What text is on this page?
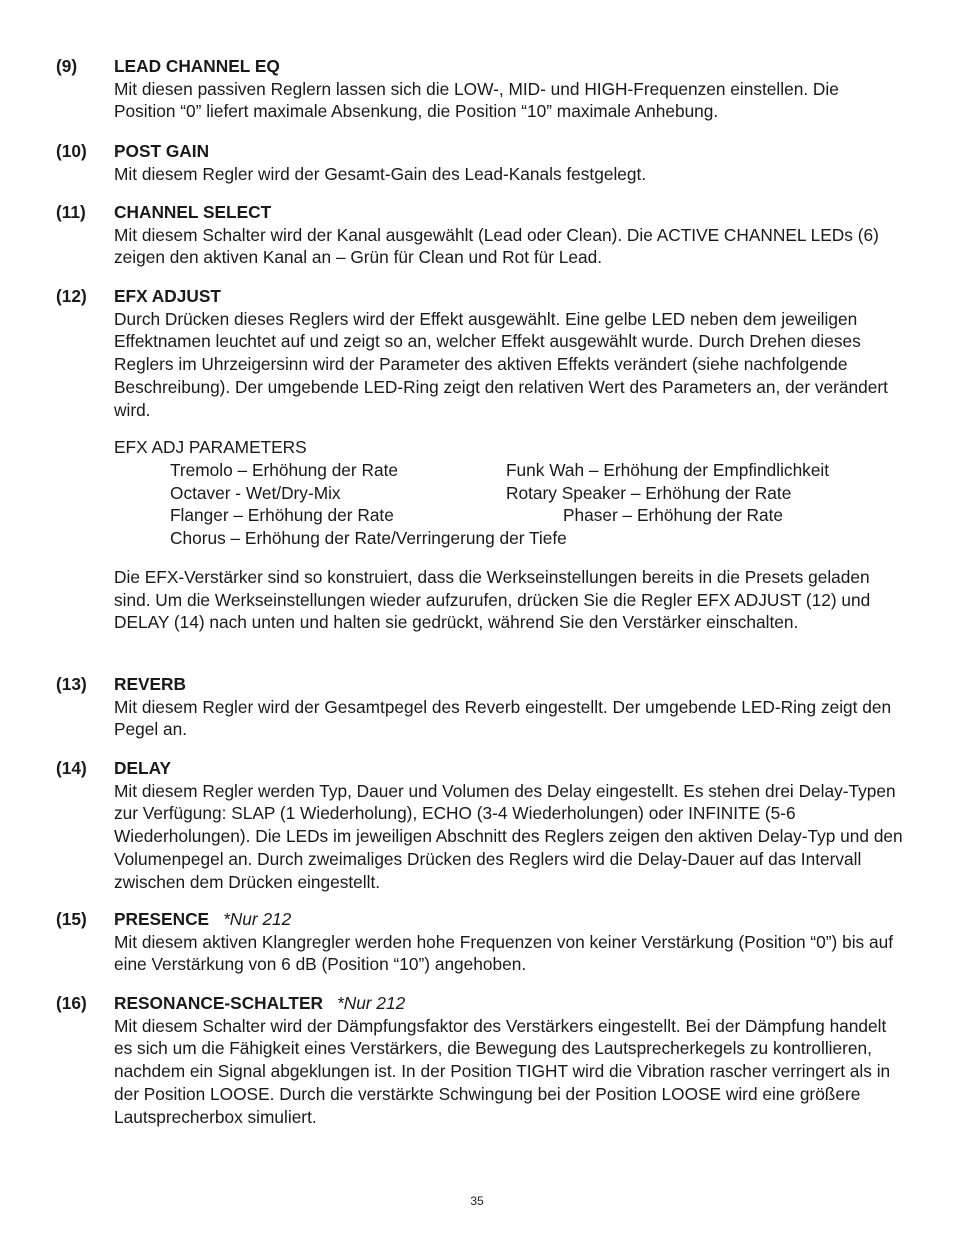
(9) LEAD CHANNEL EQ

Mit diesen passiven Reglern lassen sich die LOW-, MID- und HIGH-Frequenzen einstellen. Die Position “0” liefert maximale Absenkung, die Position “10” maximale Anhebung.

(10) POST GAIN

Mit diesem Regler wird der Gesamt-Gain des Lead-Kanals festgelegt.

(11) CHANNEL SELECT

Mit diesem Schalter wird der Kanal ausgewählt (Lead oder Clean). Die ACTIVE CHANNEL LEDs (6) zeigen den aktiven Kanal an – Grün für Clean und Rot für Lead.

(12) EFX ADJUST

Durch Drücken dieses Reglers wird der Effekt ausgewählt. Eine gelbe LED neben dem jeweiligen Effektnamen leuchtet auf und zeigt so an, welcher Effekt ausgewählt wurde. Durch Drehen dieses Reglers im Uhrzeigersinn wird der Parameter des aktiven Effekts verändert (siehe nachfolgende Beschreibung). Der umgebende LED-Ring zeigt den relativen Wert des Parameters an, der verändert wird.

EFX ADJ PARAMETERS
Tremolo – Erhöhung der Rate	Funk Wah – Erhöhung der Empfindlichkeit
Octaver - Wet/Dry-Mix	Rotary Speaker – Erhöhung der Rate
Flanger – Erhöhung der Rate	Phaser – Erhöhung der Rate
Chorus – Erhöhung der Rate/Verringerung der Tiefe

Die EFX-Verstärker sind so konstruiert, dass die Werkseinstellungen bereits in die Presets geladen sind. Um die Werkseinstellungen wieder aufzurufen, drücken Sie die Regler EFX ADJUST (12) und DELAY (14) nach unten und halten sie gedrückt, während Sie den Verstärker einschalten.

(13) REVERB

Mit diesem Regler wird der Gesamtpegel des Reverb eingestellt. Der umgebende LED-Ring zeigt den Pegel an.

(14) DELAY

Mit diesem Regler werden Typ, Dauer und Volumen des Delay eingestellt. Es stehen drei Delay-Typen zur Verfügung: SLAP (1 Wiederholung), ECHO (3-4 Wiederholungen) oder INFINITE (5-6 Wiederholungen). Die LEDs im jeweiligen Abschnitt des Reglers zeigen den aktiven Delay-Typ und den Volumenpegel an. Durch zweimaliges Drücken des Reglers wird die Delay-Dauer auf das Intervall zwischen dem Drücken eingestellt.

(15) PRESENCE *Nur 212

Mit diesem aktiven Klangregler werden hohe Frequenzen von keiner Verstärkung (Position “0”) bis auf eine Verstärkung von 6 dB (Position “10”) angehoben.

(16) RESONANCE-SCHALTER *Nur 212

Mit diesem Schalter wird der Dämpfungsfaktor des Verstärkers eingestellt. Bei der Dämpfung handelt es sich um die Fähigkeit eines Verstärkers, die Bewegung des Lautsprecherkegels zu kontrollieren, nachdem ein Signal abgeklungen ist. In der Position TIGHT wird die Vibration rascher verringert als in der Position LOOSE. Durch die verstärkte Schwingung bei der Position LOOSE wird eine größere Lautsprecherbox simuliert.

35
